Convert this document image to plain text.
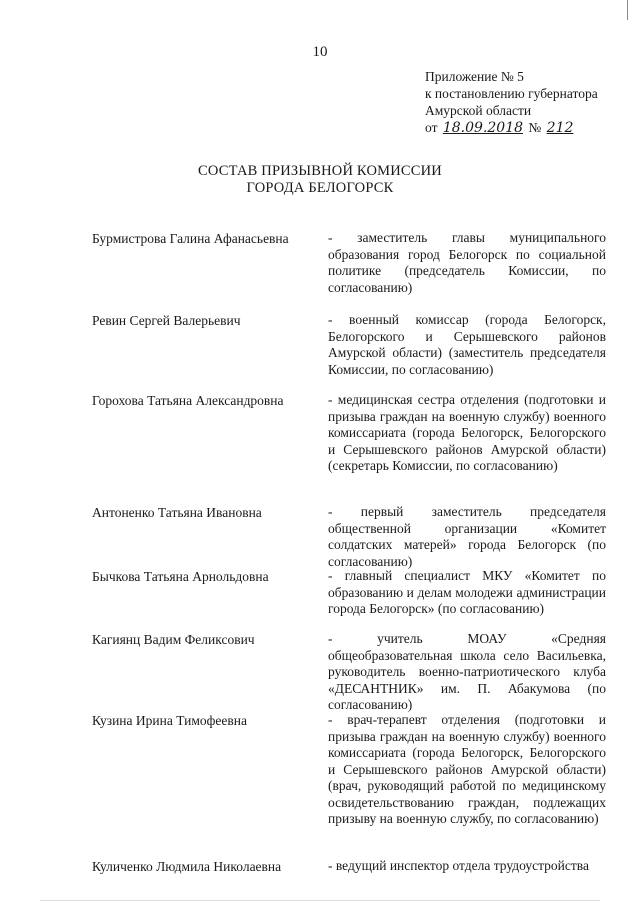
10
Приложение № 5
к постановлению губернатора
Амурской области
от 18.09.2018 № 212
СОСТАВ ПРИЗЫВНОЙ КОМИССИИ
ГОРОДА БЕЛОГОРСК
Бурмистрова Галина Афанасьевна	- заместитель главы муниципального образования город Белогорск по социальной политике (председатель Комиссии, по согласованию)
Ревин Сергей Валерьевич	- военный комиссар (города Белогорск, Белогорского и Серышевского районов Амурской области) (заместитель председателя Комиссии, по согласованию)
Горохова Татьяна Александровна	- медицинская сестра отделения (подготовки и призыва граждан на военную службу) военного комиссариата (города Белогорск, Белогорского и Серышевского районов Амурской области) (секретарь Комиссии, по согласованию)
Антоненко Татьяна Ивановна	- первый заместитель председателя общественной организации «Комитет солдатских матерей» города Белогорск (по согласованию)
Бычкова Татьяна Арнольдовна	- главный специалист МКУ «Комитет по образованию и делам молодежи администрации города Белогорск» (по согласованию)
Кагиянц Вадим Феликсович	- учитель МОАУ «Средняя общеобразовательная школа село Васильевка, руководитель военно-патриотического клуба «ДЕСАНТНИК» им. П. Абакумова (по согласованию)
Кузина Ирина Тимофеевна	- врач-терапевт отделения (подготовки и призыва граждан на военную службу) военного комиссариата (города Белогорск, Белогорского и Серышевского районов Амурской области) (врач, руководящий работой по медицинскому освидетельствованию граждан, подлежащих призыву на военную службу, по согласованию)
Куличенко Людмила Николаевна	- ведущий инспектор отдела трудоустройства
